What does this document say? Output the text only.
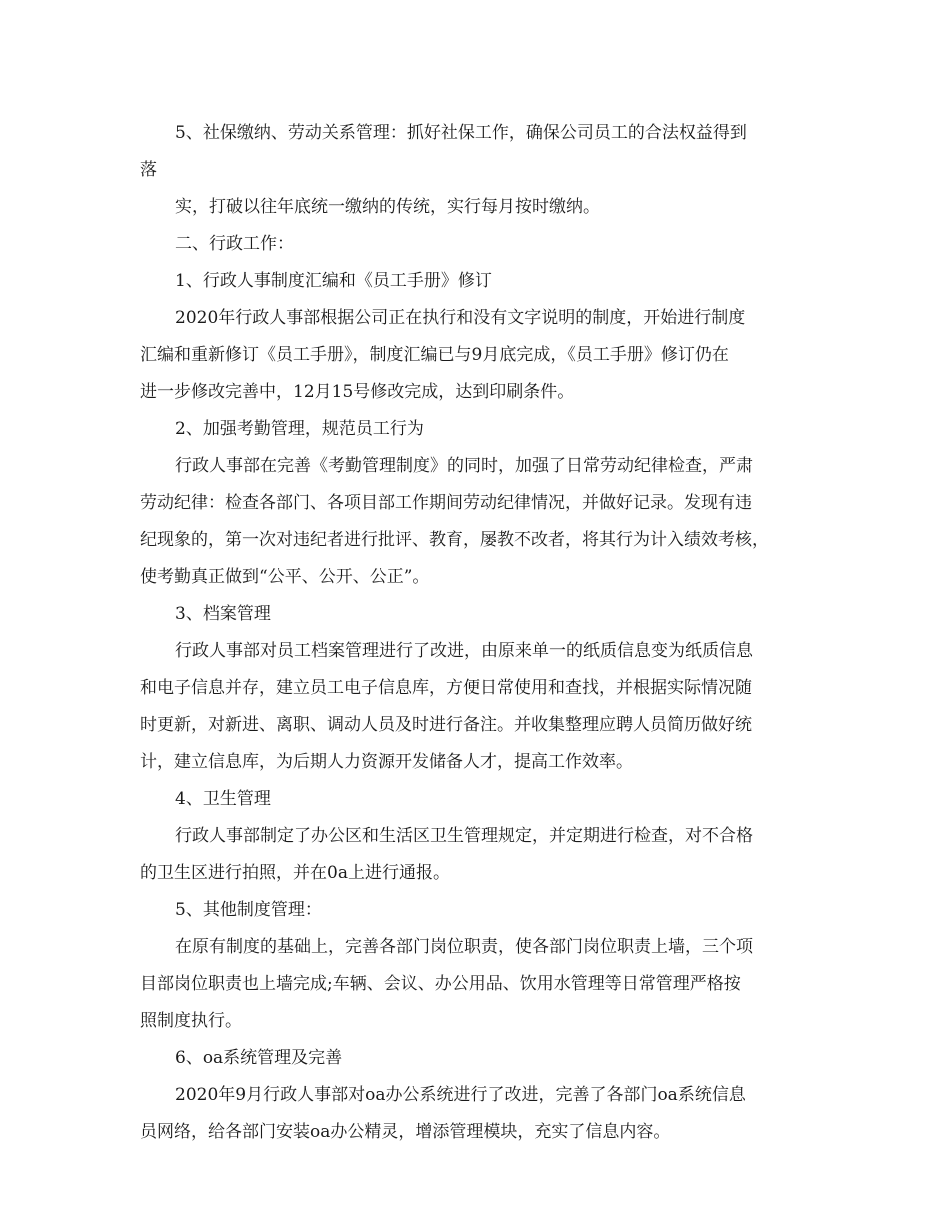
5、社保缴纳、劳动关系管理：抓好社保工作，确保公司员工的合法权益得到
落
实，打破以往年底统一缴纳的传统，实行每月按时缴纳。
二、行政工作：
1、行政人事制度汇编和《员工手册》修订
2020年行政人事部根据公司正在执行和没有文字说明的制度，开始进行制度
汇编和重新修订《员工手册》，制度汇编已与9月底完成，《员工手册》修订仍在
进一步修改完善中，12月15号修改完成，达到印刷条件。
2、加强考勤管理，规范员工行为
行政人事部在完善《考勤管理制度》的同时，加强了日常劳动纪律检查，严肃
劳动纪律：检查各部门、各项目部工作期间劳动纪律情况，并做好记录。发现有违
纪现象的，第一次对违纪者进行批评、教育，屡教不改者，将其行为计入绩效考核，
使考勤真正做到“公平、公开、公正”。
3、档案管理
行政人事部对员工档案管理进行了改进，由原来单一的纸质信息变为纸质信息
和电子信息并存，建立员工电子信息库，方便日常使用和查找，并根据实际情况随
时更新，对新进、离职、调动人员及时进行备注。并收集整理应聘人员简历做好统
计，建立信息库，为后期人力资源开发储备人才，提高工作效率。
4、卫生管理
行政人事部制定了办公区和生活区卫生管理规定，并定期进行检查，对不合格
的卫生区进行拍照，并在0a上进行通报。
5、其他制度管理：
在原有制度的基础上，完善各部门岗位职责，使各部门岗位职责上墙，三个项
目部岗位职责也上墙完成;车辆、会议、办公用品、饮用水管理等日常管理严格按
照制度执行。
6、oa系统管理及完善
2020年9月行政人事部对oa办公系统进行了改进，完善了各部门oa系统信息
员网络，给各部门安装oa办公精灵，增添管理模块，充实了信息内容。
